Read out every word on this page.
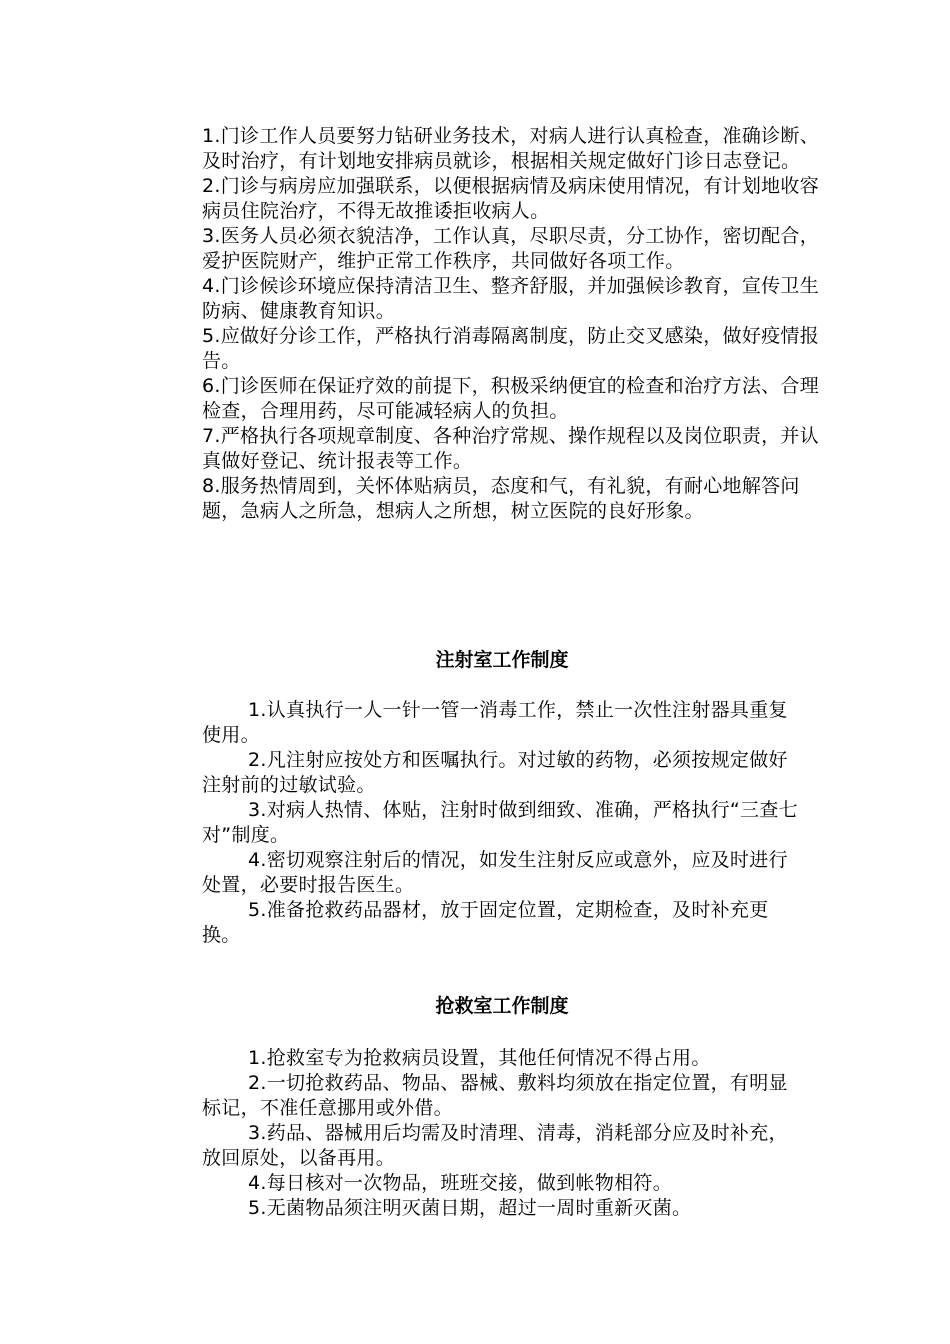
1.门诊工作人员要努力钻研业务技术，对病人进行认真检查，准确诊断、及时治疗，有计划地安排病员就诊，根据相关规定做好门诊日志登记。

2.门诊与病房应加强联系，以便根据病情及病床使用情况，有计划地收容病员住院治疗，不得无故推诿拒收病人。

3.医务人员必须衣貌洁净，工作认真，尽职尽责，分工协作，密切配合，爱护医院财产，维护正常工作秩序，共同做好各项工作。

4.门诊候诊环境应保持清洁卫生、整齐舒服，并加强候诊教育，宣传卫生防病、健康教育知识。

5.应做好分诊工作，严格执行消毒隔离制度，防止交叉感染，做好疫情报告。

6.门诊医师在保证疗效的前提下，积极采纳便宜的检查和治疗方法、合理检查，合理用药，尽可能减轻病人的负担。

7.严格执行各项规章制度、各种治疗常规、操作规程以及岗位职责，并认真做好登记、统计报表等工作。

8.服务热情周到，关怀体贴病员，态度和气，有礼貌，有耐心地解答问题，急病人之所急，想病人之所想，树立医院的良好形象。

注射室工作制度

1.认真执行一人一针一管一消毒工作，禁止一次性注射器具重复使用。

2.凡注射应按处方和医嘱执行。对过敏的药物，必须按规定做好注射前的过敏试验。

3.对病人热情、体贴，注射时做到细致、准确，严格执行“三查七对”制度。

4.密切观察注射后的情况，如发生注射反应或意外，应及时进行处置，必要时报告医生。

5.准备抢救药品器材，放于固定位置，定期检查，及时补充更换。

抢救室工作制度

1.抢救室专为抢救病员设置，其他任何情况不得占用。

2.一切抢救药品、物品、器械、敷料均须放在指定位置，有明显标记，不准任意挪用或外借。

3.药品、器械用后均需及时清理、清毒，消耗部分应及时补充，放回原处，以备再用。

4.每日核对一次物品，班班交接，做到帐物相符。

5.无菌物品须注明灭菌日期，超过一周时重新灭菌。
